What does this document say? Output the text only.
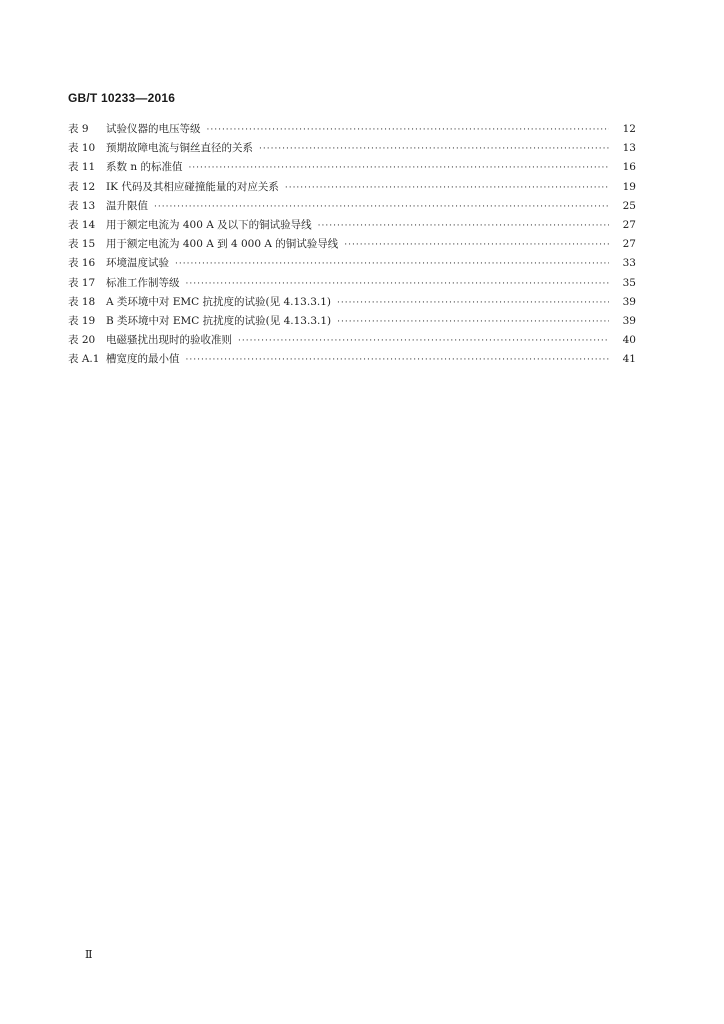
GB/T 10233—2016
表 9	试验仪器的电压等级 ·····	12
表 10	预期故障电流与铜丝直径的关系 ·····	13
表 11	系数 n 的标准值 ·····	16
表 12	IK 代码及其相应碰撞能量的对应关系 ·····	19
表 13	温升限值 ·····	25
表 14	用于额定电流为 400 A 及以下的铜试验导线 ·····	27
表 15	用于额定电流为 400 A 到 4 000 A 的铜试验导线 ·····	27
表 16	环境温度试验 ·····	33
表 17	标准工作制等级 ·····	35
表 18	A 类环境中对 EMC 抗扰度的试验(见 4.13.3.1) ·····	39
表 19	B 类环境中对 EMC 抗扰度的试验(见 4.13.3.1) ·····	39
表 20	电磁骚扰出现时的验收准则 ·····	40
表 A.1 槽宽度的最小值 ·····	41
Ⅱ
